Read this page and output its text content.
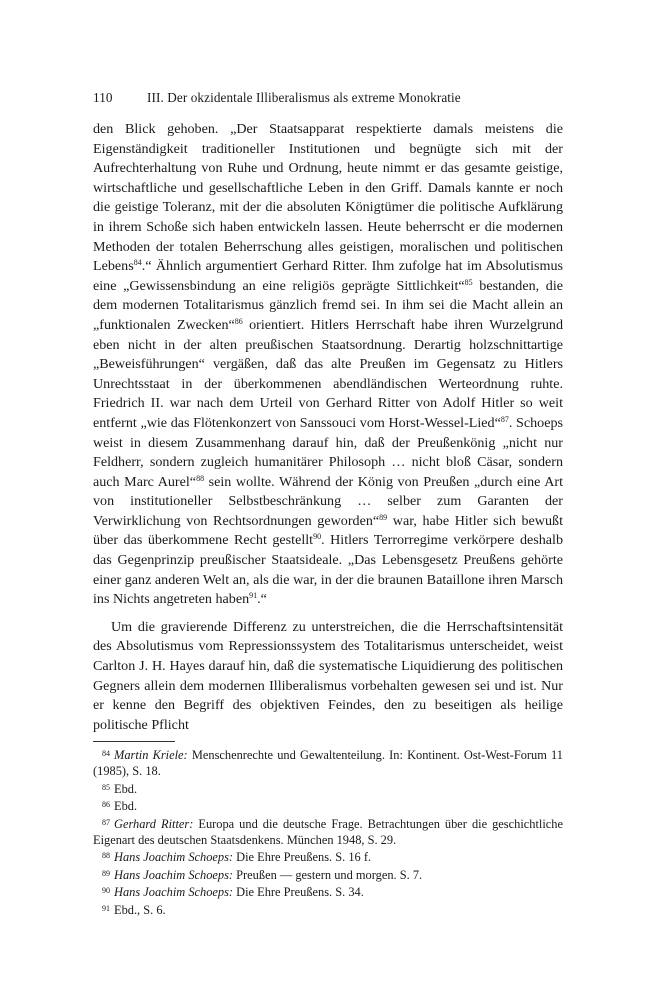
110	III. Der okzidentale Illiberalismus als extreme Monokratie

den Blick gehoben. „Der Staatsapparat respektierte damals meistens die Eigenständigkeit traditioneller Institutionen und begnügte sich mit der Aufrechterhaltung von Ruhe und Ordnung, heute nimmt er das gesamte geistige, wirtschaftliche und gesellschaftliche Leben in den Griff. Damals kannte er noch die geistige Toleranz, mit der die absoluten Königtümer die politische Aufklärung in ihrem Schoße sich haben entwickeln lassen. Heute beherrscht er die modernen Methoden der totalen Beherrschung alles geistigen, moralischen und politischen Lebens$^{84}$.“ Ähnlich argumentiert Gerhard Ritter. Ihm zufolge hat im Absolutismus eine „Gewissensbindung an eine religiös geprägte Sittlichkeit“$^{85}$ bestanden, die dem modernen Totalitarismus gänzlich fremd sei. In ihm sei die Macht allein an „funktionalen Zwecken“$^{86}$ orientiert. Hitlers Herrschaft habe ihren Wurzelgrund eben nicht in der alten preußischen Staatsordnung. Derartig holzschnittartige „Beweisführungen“ vergäßen, daß das alte Preußen im Gegensatz zu Hitlers Unrechtsstaat in der überkommenen abendländischen Werteordnung ruhte. Friedrich II. war nach dem Urteil von Gerhard Ritter von Adolf Hitler so weit entfernt „wie das Flötenkonzert von Sanssouci vom Horst-Wessel-Lied“$^{87}$. Schoeps weist in diesem Zusammenhang darauf hin, daß der Preußenkönig „nicht nur Feldherr, sondern zugleich humanitärer Philosoph … nicht bloß Cäsar, sondern auch Marc Aurel“$^{88}$ sein wollte. Während der König von Preußen „durch eine Art von institutioneller Selbstbeschränkung … selber zum Garanten der Verwirklichung von Rechtsordnungen geworden“$^{89}$ war, habe Hitler sich bewußt über das überkommene Recht gestellt$^{90}$. Hitlers Terrorregime verkörpere deshalb das Gegenprinzip preußischer Staatsideale. „Das Lebensgesetz Preußens gehörte einer ganz anderen Welt an, als die war, in der die braunen Bataillone ihren Marsch ins Nichts angetreten haben$^{91}$.“

Um die gravierende Differenz zu unterstreichen, die die Herrschaftsintensität des Absolutismus vom Repressionssystem des Totalitarismus unterscheidet, weist Carlton J. H. Hayes darauf hin, daß die systematische Liquidierung des politischen Gegners allein dem modernen Illiberalismus vorbehalten gewesen sei und ist. Nur er kenne den Begriff des objektiven Feindes, den zu beseitigen als heilige politische Pflicht

$^{84}$ Martin Kriele: Menschenrechte und Gewaltenteilung. In: Kontinent. Ost-West-Forum 11 (1985), S. 18.

$^{85}$ Ebd.

$^{86}$ Ebd.

$^{87}$ Gerhard Ritter: Europa und die deutsche Frage. Betrachtungen über die geschichtliche Eigenart des deutschen Staatsdenkens. München 1948, S. 29.

$^{88}$ Hans Joachim Schoeps: Die Ehre Preußens. S. 16 f.

$^{89}$ Hans Joachim Schoeps: Preußen — gestern und morgen. S. 7.

$^{90}$ Hans Joachim Schoeps: Die Ehre Preußens. S. 34.

$^{91}$ Ebd., S. 6.
